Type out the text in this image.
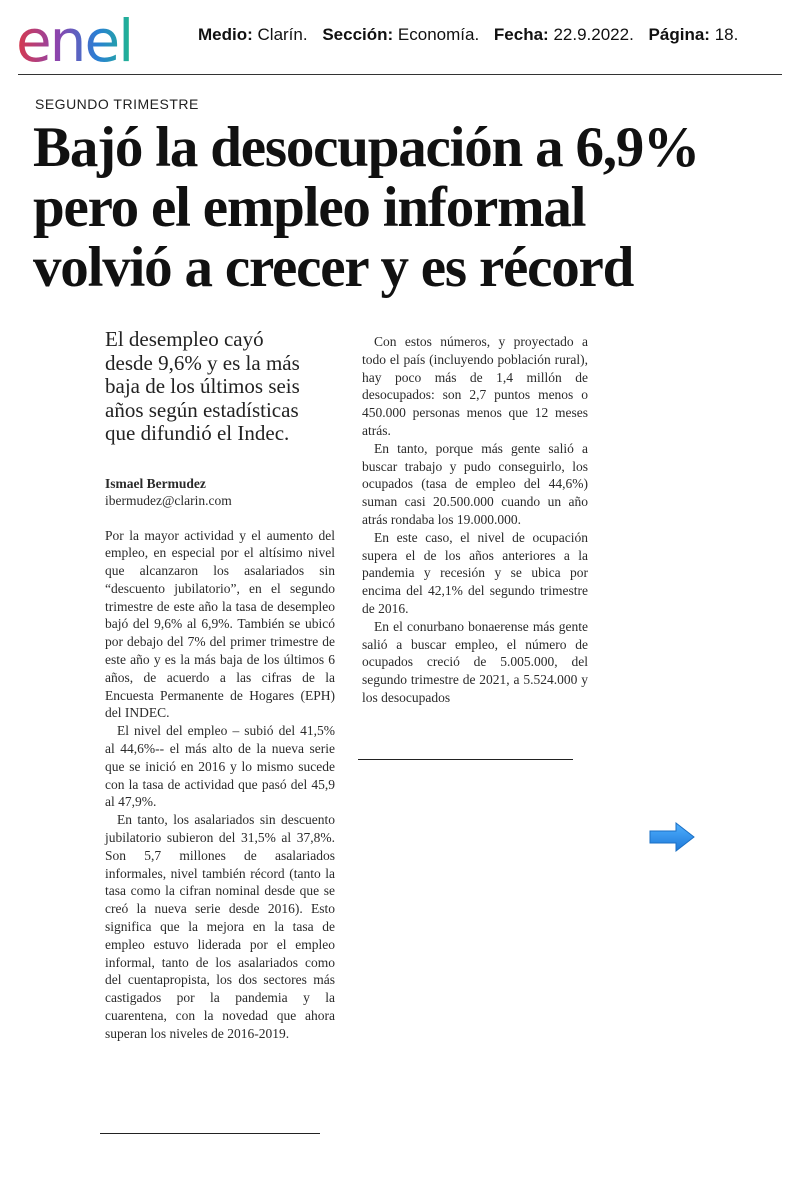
enel	Medio: Clarín. Sección: Economía. Fecha: 22.9.2022. Página: 18.
SEGUNDO TRIMESTRE
Bajó la desocupación a 6,9%
pero el empleo informal
volvió a crecer y es récord
El desempleo cayó
desde 9,6% y es la más
baja de los últimos seis
años según estadísticas
que difundió el Indec.
Ismael Bermudez
ibermudez@clarin.com

Por la mayor actividad y el aumento del empleo, en especial por el altísimo nivel que alcanzaron los asalariados sin “descuento jubilatorio”, en el segundo trimestre de este año la tasa de desempleo bajó del 9,6% al 6,9%. También se ubicó por debajo del 7% del primer trimestre de este año y es la más baja de los últimos 6 años, de acuerdo a las cifras de la Encuesta Permanente de Hogares (EPH) del INDEC.

El nivel del empleo – subió del 41,5% al 44,6%-- el más alto de la nueva serie que se inició en 2016 y lo mismo sucede con la tasa de actividad que pasó del 45,9 al 47,9%.

En tanto, los asalariados sin descuento jubilatorio subieron del 31,5% al 37,8%. Son 5,7 millones de asalariados informales, nivel también récord (tanto la tasa como la cifran nominal desde que se creó la nueva serie desde 2016). Esto significa que la mejora en la tasa de empleo estuvo liderada por el empleo informal, tanto de los asalariados como del cuentapropista, los dos sectores más castigados por la pandemia y la cuarentena, con la novedad que ahora superan los niveles de 2016-2019.

Con estos números, y proyectado a todo el país (incluyendo población rural), hay poco más de 1,4 millón de desocupados: son 2,7 puntos menos o 450.000 personas menos que 12 meses atrás.

En tanto, porque más gente salió a buscar trabajo y pudo conseguirlo, los ocupados (tasa de empleo del 44,6%) suman casi 20.500.000 cuando un año atrás rondaba los 19.000.000.

En este caso, el nivel de ocupación supera el de los años anteriores a la pandemia y recesión y se ubica por encima del 42,1% del segundo trimestre de 2016.

En el conurbano bonaerense más gente salió a buscar empleo, el número de ocupados creció de 5.005.000, del segundo trimestre de 2021, a 5.524.000 y los desocupados
